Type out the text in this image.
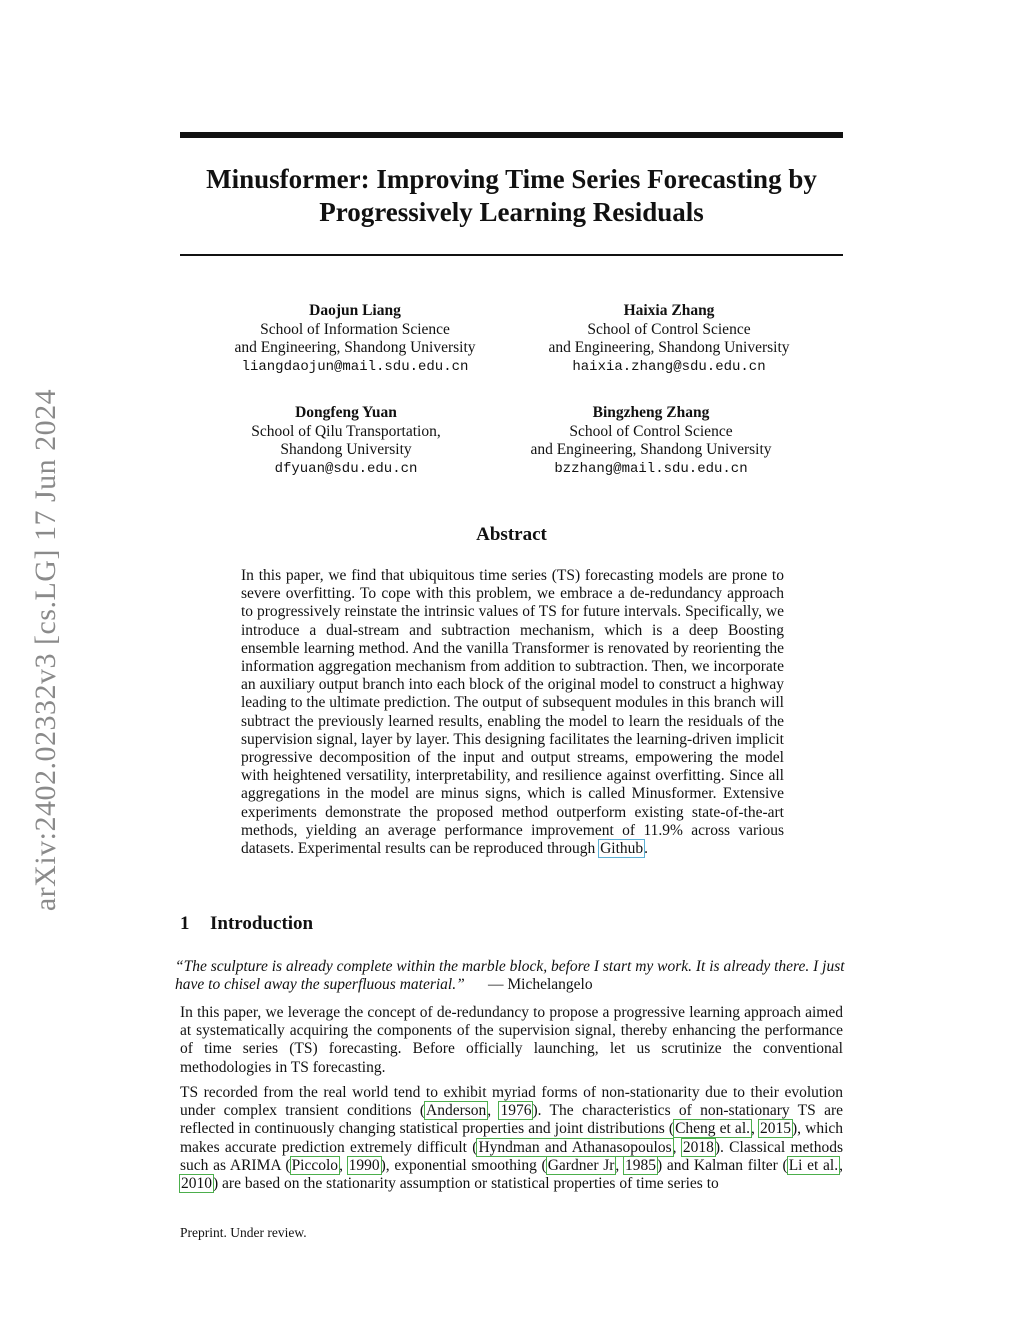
arXiv:2402.02332v3 [cs.LG] 17 Jun 2024
Minusformer: Improving Time Series Forecasting by
Progressively Learning Residuals
Daojun Liang
School of Information Science
and Engineering, Shandong University
liangdaojun@mail.sdu.edu.cn
Haixia Zhang
School of Control Science
and Engineering, Shandong University
haixia.zhang@sdu.edu.cn
Dongfeng Yuan
School of Qilu Transportation,
Shandong University
dfyuan@sdu.edu.cn
Bingzheng Zhang
School of Control Science
and Engineering, Shandong University
bzzhang@mail.sdu.edu.cn
Abstract

In this paper, we find that ubiquitous time series (TS) forecasting models are prone to severe overfitting. To cope with this problem, we embrace a de-redundancy approach to progressively reinstate the intrinsic values of TS for future intervals. Specifically, we introduce a dual-stream and subtraction mechanism, which is a deep Boosting ensemble learning method. And the vanilla Transformer is renovated by reorienting the information aggregation mechanism from addition to subtraction. Then, we incorporate an auxiliary output branch into each block of the original model to construct a highway leading to the ultimate prediction. The output of subsequent modules in this branch will subtract the previously learned results, enabling the model to learn the residuals of the supervision signal, layer by layer. This designing facilitates the learning-driven implicit progressive decomposition of the input and output streams, empowering the model with heightened versatility, interpretability, and resilience against overfitting. Since all aggregations in the model are minus signs, which is called Minusformer. Extensive experiments demonstrate the proposed method outperform existing state-of-the-art methods, yielding an average performance improvement of 11.9% across various datasets. Experimental results can be reproduced through Github.

1 Introduction

“The sculpture is already complete within the marble block, before I start my work. It is already there. I just have to chisel away the superfluous material.” — Michelangelo

In this paper, we leverage the concept of de-redundancy to propose a progressive learning approach aimed at systematically acquiring the components of the supervision signal, thereby enhancing the performance of time series (TS) forecasting. Before officially launching, let us scrutinize the conventional methodologies in TS forecasting.

TS recorded from the real world tend to exhibit myriad forms of non-stationarity due to their evolution under complex transient conditions (Anderson, 1976). The characteristics of non-stationary TS are reflected in continuously changing statistical properties and joint distributions (Cheng et al., 2015), which makes accurate prediction extremely difficult (Hyndman and Athanasopoulos, 2018). Classical methods such as ARIMA (Piccolo, 1990), exponential smoothing (Gardner Jr, 1985) and Kalman filter (Li et al., 2010) are based on the stationarity assumption or statistical properties of time series to

Preprint. Under review.
